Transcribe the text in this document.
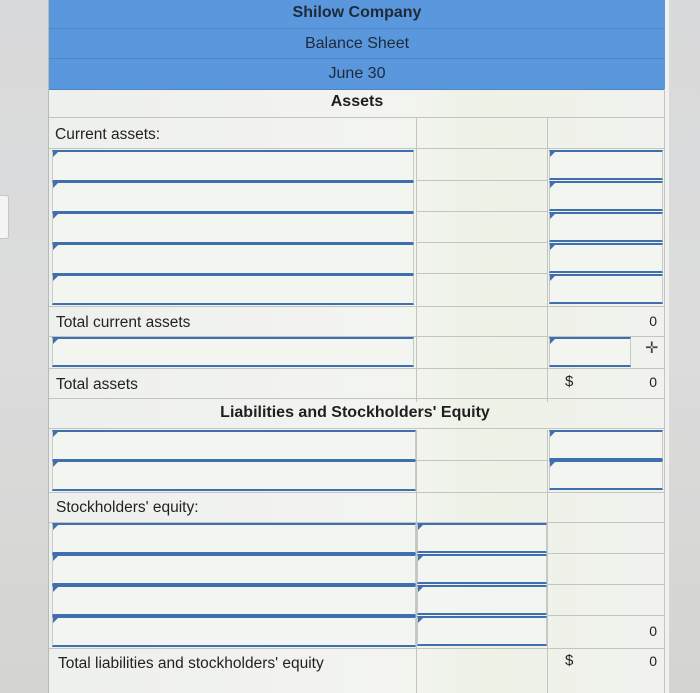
Shilow Company
Balance Sheet
June 30
Assets
Current assets:
Total current assets	0
✛
Total assets	$	0
Liabilities and Stockholders' Equity
Stockholders' equity:
0
Total liabilities and stockholders' equity	$	0
